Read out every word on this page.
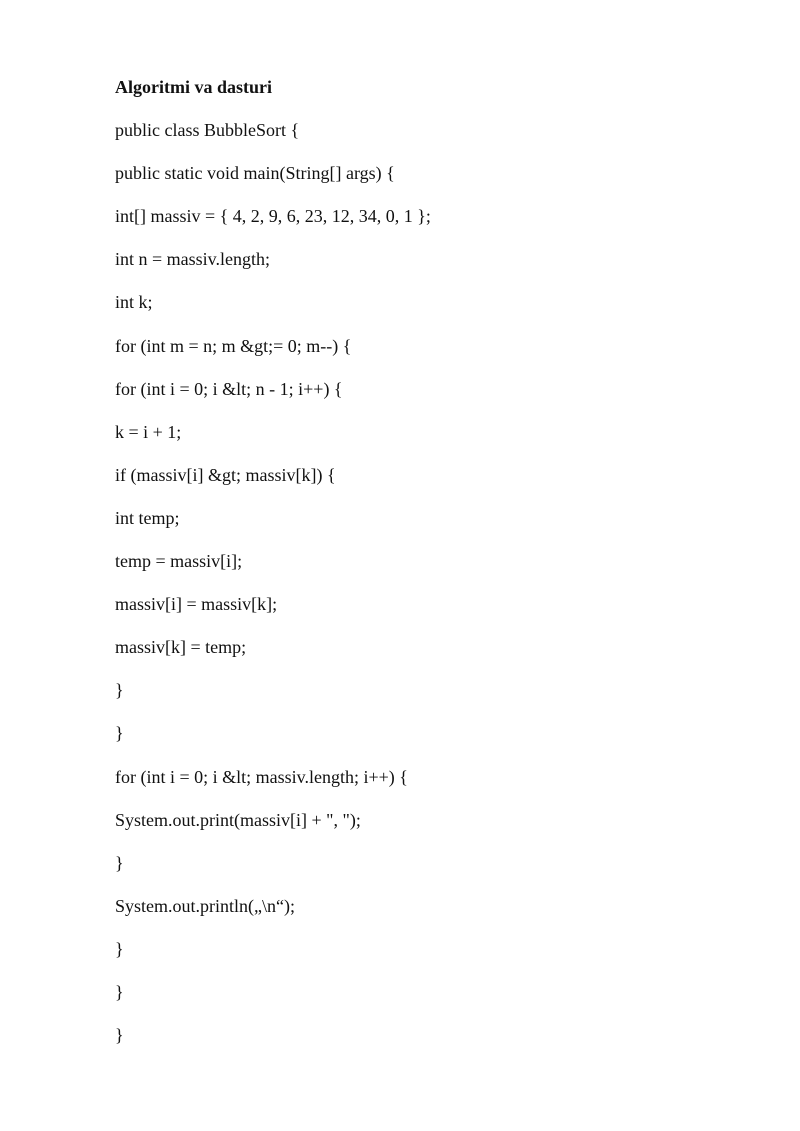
Algoritmi va dasturi
public class BubbleSort {
public static void main(String[] args) {
int[] massiv = { 4, 2, 9, 6, 23, 12, 34, 0, 1 };
int n = massiv.length;
int k;
for (int m = n; m &gt;= 0; m--) {
for (int i = 0; i &lt; n - 1; i++) {
k = i + 1;
if (massiv[i] &gt; massiv[k]) {
int temp;
temp = massiv[i];
massiv[i] = massiv[k];
massiv[k] = temp;
}
}
for (int i = 0; i &lt; massiv.length; i++) {
System.out.print(massiv[i] + ", ");
}
System.out.println(„\n“);
}
}
}
